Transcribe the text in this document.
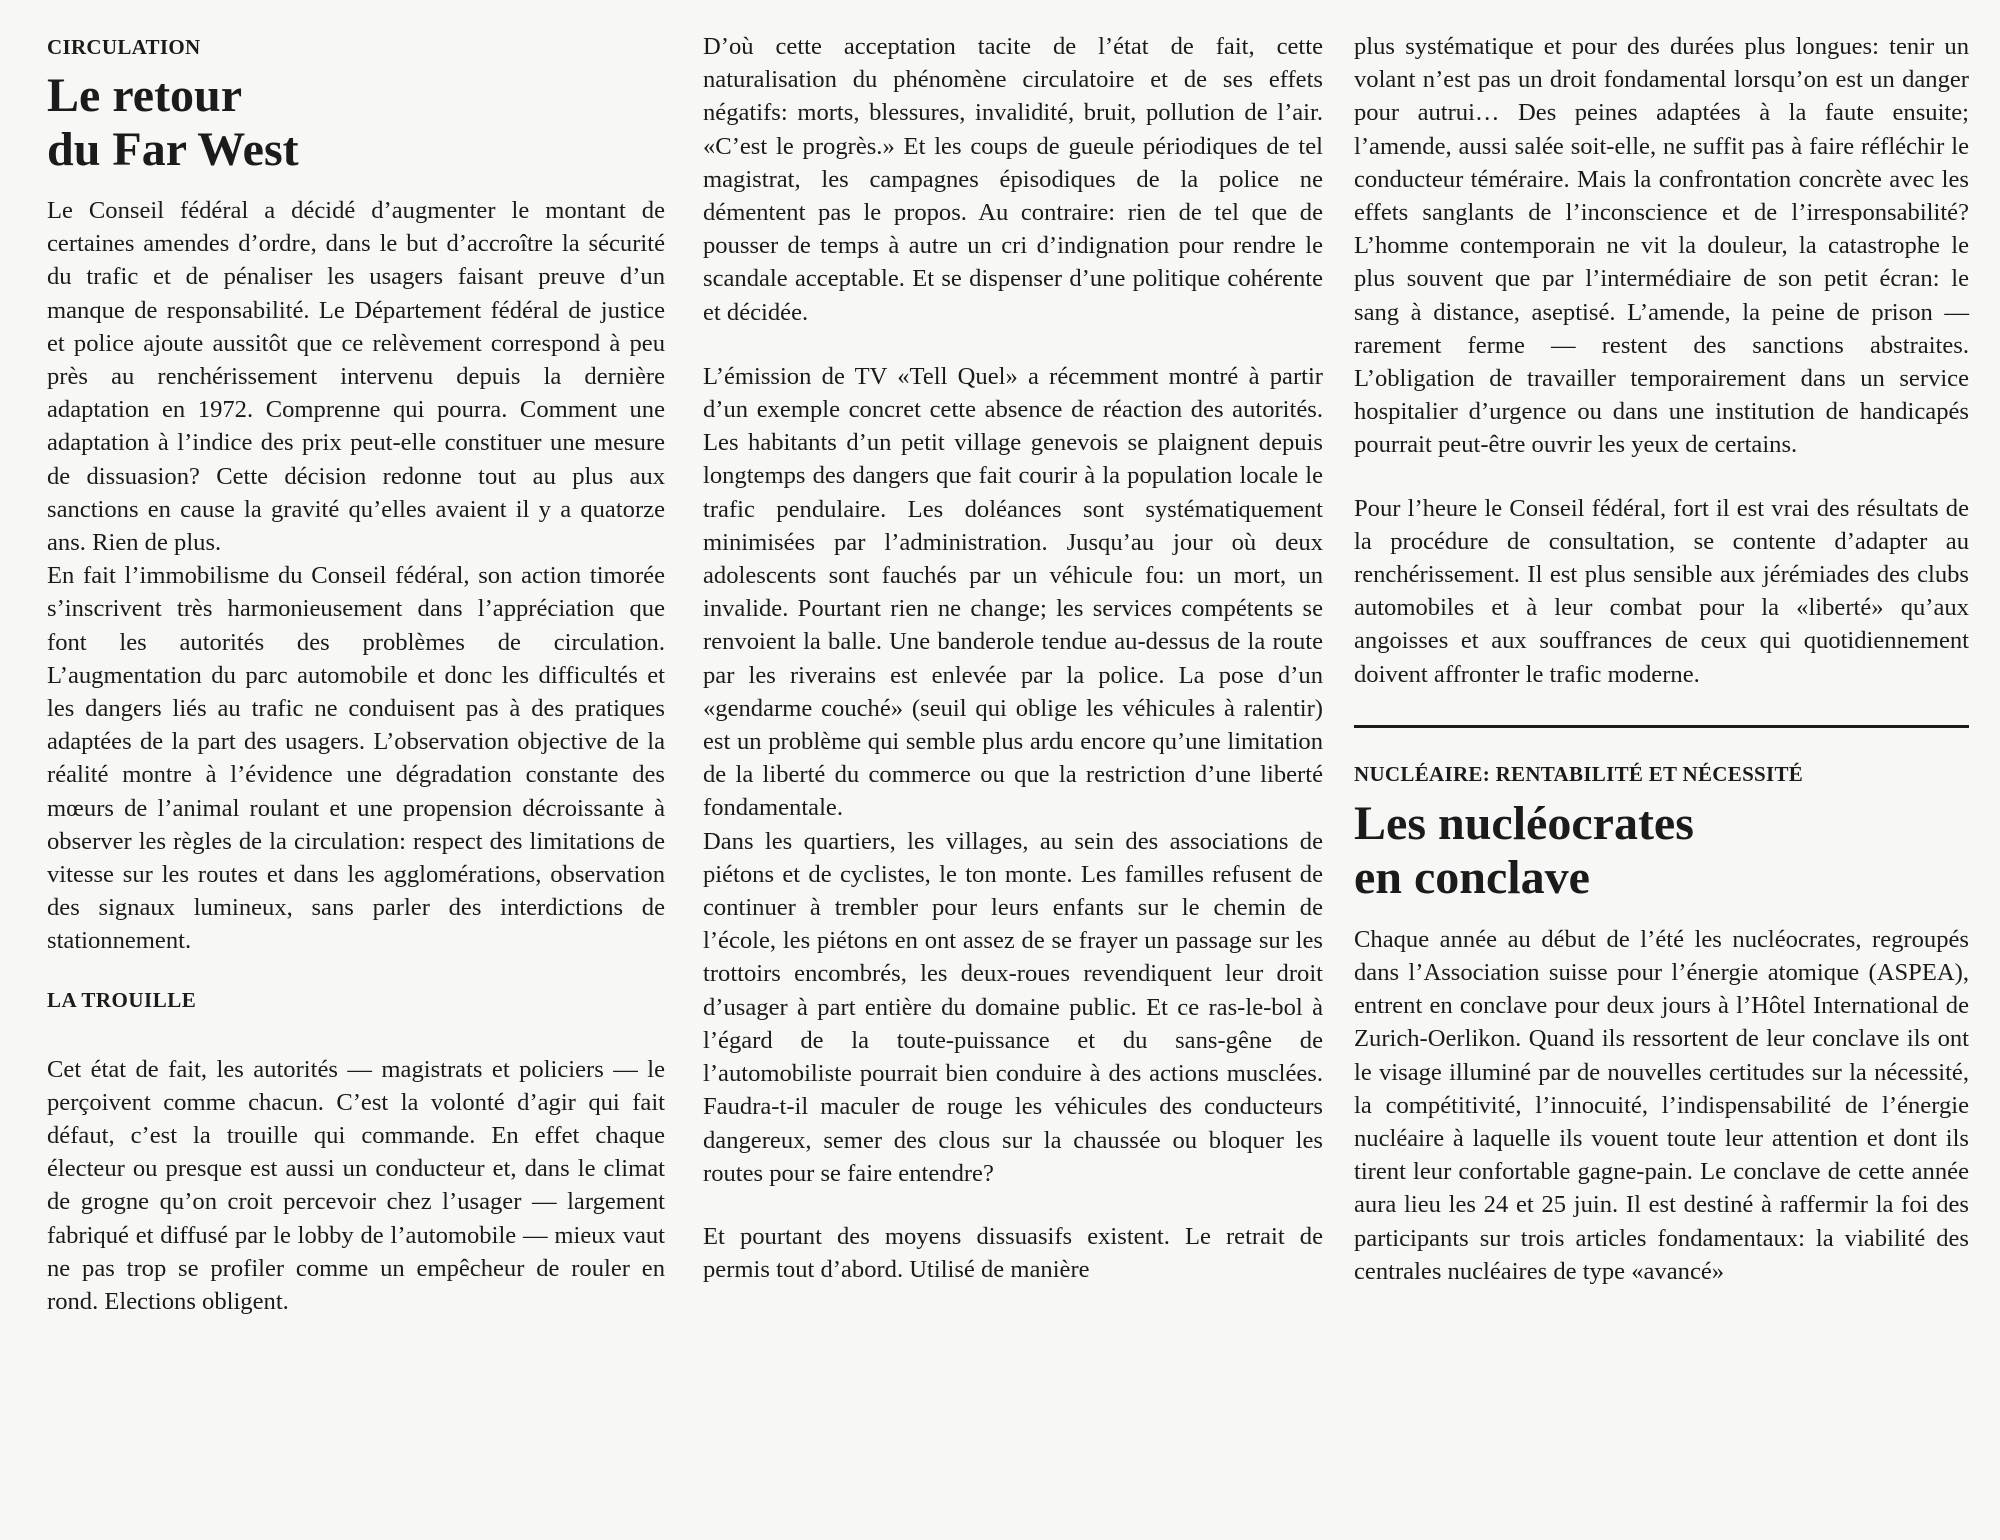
CIRCULATION
Le retour
du Far West

Le Conseil fédéral a décidé d’augmenter le montant de certaines amendes d’ordre, dans le but d’accroître la sécurité du trafic et de pénaliser les usagers faisant preuve d’un manque de responsabilité. Le Département fédéral de justice et police ajoute aussitôt que ce relèvement correspond à peu près au renchérissement intervenu depuis la dernière adaptation en 1972. Comprenne qui pourra. Comment une adaptation à l’indice des prix peut-elle constituer une mesure de dissuasion? Cette décision redonne tout au plus aux sanctions en cause la gravité qu’elles avaient il y a quatorze ans. Rien de plus.

En fait l’immobilisme du Conseil fédéral, son action timorée s’inscrivent très harmonieusement dans l’appréciation que font les autorités des problèmes de circulation. L’augmentation du parc automobile et donc les difficultés et les dangers liés au trafic ne conduisent pas à des pratiques adaptées de la part des usagers. L’observation objective de la réalité montre à l’évidence une dégradation constante des mœurs de l’animal roulant et une propension décroissante à observer les règles de la circulation: respect des limitations de vitesse sur les routes et dans les agglomérations, observation des signaux lumineux, sans parler des interdictions de stationnement.

LA TROUILLE

Cet état de fait, les autorités — magistrats et policiers — le perçoivent comme chacun. C’est la volonté d’agir qui fait défaut, c’est la trouille qui commande. En effet chaque électeur ou presque est aussi un conducteur et, dans le climat de grogne qu’on croit percevoir chez l’usager — largement fabriqué et diffusé par le lobby de l’automobile — mieux vaut ne pas trop se profiler comme un empêcheur de rouler en rond. Elections obligent.

D’où cette acceptation tacite de l’état de fait, cette naturalisation du phénomène circulatoire et de ses effets négatifs: morts, blessures, invalidité, bruit, pollution de l’air. «C’est le progrès.» Et les coups de gueule périodiques de tel magistrat, les campagnes épisodiques de la police ne démentent pas le propos. Au contraire: rien de tel que de pousser de temps à autre un cri d’indignation pour rendre le scandale acceptable. Et se dispenser d’une politique cohérente et décidée.

L’émission de TV «Tell Quel» a récemment montré à partir d’un exemple concret cette absence de réaction des autorités. Les habitants d’un petit village genevois se plaignent depuis longtemps des dangers que fait courir à la population locale le trafic pendulaire. Les doléances sont systématiquement minimisées par l’administration. Jusqu’au jour où deux adolescents sont fauchés par un véhicule fou: un mort, un invalide. Pourtant rien ne change; les services compétents se renvoient la balle. Une banderole tendue au-dessus de la route par les riverains est enlevée par la police. La pose d’un «gendarme couché» (seuil qui oblige les véhicules à ralentir) est un problème qui semble plus ardu encore qu’une limitation de la liberté du commerce ou que la restriction d’une liberté fondamentale.

Dans les quartiers, les villages, au sein des associations de piétons et de cyclistes, le ton monte. Les familles refusent de continuer à trembler pour leurs enfants sur le chemin de l’école, les piétons en ont assez de se frayer un passage sur les trottoirs encombrés, les deux-roues revendiquent leur droit d’usager à part entière du domaine public. Et ce ras-le-bol à l’égard de la toute-puissance et du sans-gêne de l’automobiliste pourrait bien conduire à des actions musclées. Faudra-t-il maculer de rouge les véhicules des conducteurs dangereux, semer des clous sur la chaussée ou bloquer les routes pour se faire entendre?

Et pourtant des moyens dissuasifs existent. Le retrait de permis tout d’abord. Utilisé de manière

plus systématique et pour des durées plus longues: tenir un volant n’est pas un droit fondamental lorsqu’on est un danger pour autrui… Des peines adaptées à la faute ensuite; l’amende, aussi salée soit-elle, ne suffit pas à faire réfléchir le conducteur téméraire. Mais la confrontation concrète avec les effets sanglants de l’inconscience et de l’irresponsabilité? L’homme contemporain ne vit la douleur, la catastrophe le plus souvent que par l’intermédiaire de son petit écran: le sang à distance, aseptisé. L’amende, la peine de prison — rarement ferme — restent des sanctions abstraites. L’obligation de travailler temporairement dans un service hospitalier d’urgence ou dans une institution de handicapés pourrait peut-être ouvrir les yeux de certains.

Pour l’heure le Conseil fédéral, fort il est vrai des résultats de la procédure de consultation, se contente d’adapter au renchérissement. Il est plus sensible aux jérémiades des clubs automobiles et à leur combat pour la «liberté» qu’aux angoisses et aux souffrances de ceux qui quotidiennement doivent affronter le trafic moderne.

NUCLÉAIRE: RENTABILITÉ ET NÉCESSITÉ
Les nucléocrates
en conclave

Chaque année au début de l’été les nucléocrates, regroupés dans l’Association suisse pour l’énergie atomique (ASPEA), entrent en conclave pour deux jours à l’Hôtel International de Zurich-Oerlikon. Quand ils ressortent de leur conclave ils ont le visage illuminé par de nouvelles certitudes sur la nécessité, la compétitivité, l’innocuité, l’indispensabilité de l’énergie nucléaire à laquelle ils vouent toute leur attention et dont ils tirent leur confortable gagne-pain. Le conclave de cette année aura lieu les 24 et 25 juin. Il est destiné à raffermir la foi des participants sur trois articles fondamentaux: la viabilité des centrales nucléaires de type «avancé»
